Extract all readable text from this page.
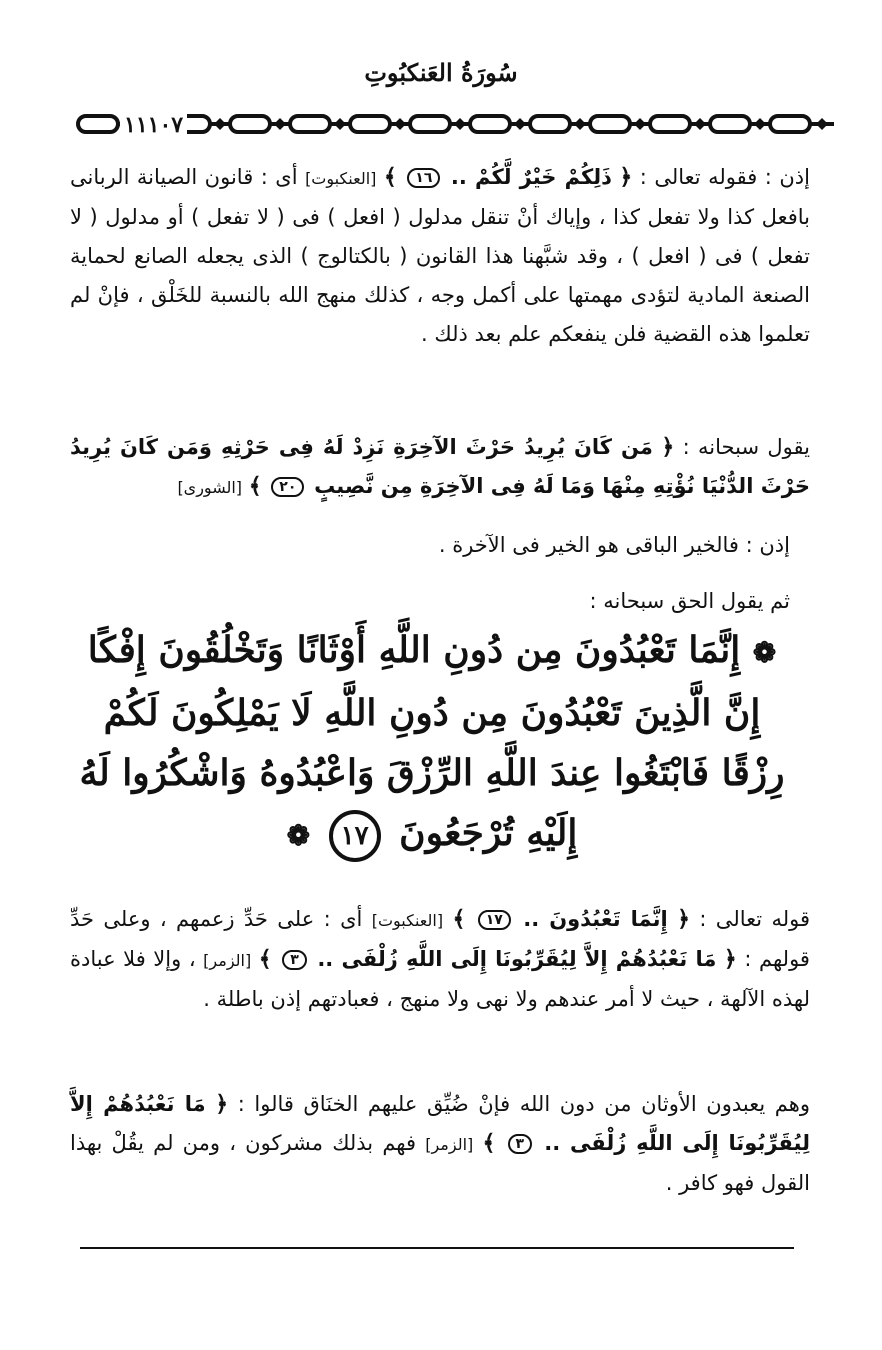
سُورَةُ العَنكبُوتِ
١١١٠٧
إذن : فقوله تعالى : ﴿ ذَلِكُمْ خَيْرٌ لَّكُمْ .. ١٦ ﴾ [العنكبوت] أى : قانون الصيانة الربانى بافعل كذا ولا تفعل كذا ، وإياك أنْ تنقل مدلول ( افعل ) فى ( لا تفعل ) أو مدلول ( لا تفعل ) فى ( افعل ) ، وقد شبَّهنا هذا القانون ( بالكتالوج ) الذى يجعله الصانع لحماية الصنعة المادية لتؤدى مهمتها على أكمل وجه ، كذلك منهج الله بالنسبة للخَلْق ، فإنْ لم تعلموا هذه القضية فلن ينفعكم علم بعد ذلك .
يقول سبحانه : ﴿ مَن كَانَ يُرِيدُ حَرْثَ الآخِرَةِ نَزِدْ لَهُ فِى حَرْثِهِ وَمَن كَانَ يُرِيدُ حَرْثَ الدُّنْيَا نُؤْتِهِ مِنْهَا وَمَا لَهُ فِى الآخِرَةِ مِن نَّصِيبٍ ٢٠ ﴾ [الشورى]
إذن : فالخير الباقى هو الخير فى الآخرة .
ثم يقول الحق سبحانه :
❁ إِنَّمَا تَعْبُدُونَ مِن دُونِ اللَّهِ أَوْثَانًا وَتَخْلُقُونَ إِفْكًا
إِنَّ الَّذِينَ تَعْبُدُونَ مِن دُونِ اللَّهِ لَا يَمْلِكُونَ لَكُمْ
رِزْقًا فَابْتَغُوا عِندَ اللَّهِ الرِّزْقَ وَاعْبُدُوهُ وَاشْكُرُوا لَهُ
إِلَيْهِ تُرْجَعُونَ ١٧ ❁
قوله تعالى : ﴿ إِنَّمَا تَعْبُدُونَ .. ١٧ ﴾ [العنكبوت] أى : على حَدِّ زعمهم ، وعلى حَدِّ قولهم : ﴿ مَا نَعْبُدُهُمْ إِلاَّ لِيُقَرِّبُونَا إِلَى اللَّهِ زُلْفَى .. ٣ ﴾ [الزمر] ، وإلا فلا عبادة لهذه الآلهة ، حيث لا أمر عندهم ولا نهى ولا منهج ، فعبادتهم إذن باطلة .
وهم يعبدون الأوثان من دون الله فإنْ ضُيِّق عليهم الخنَاق قالوا : ﴿ مَا نَعْبُدُهُمْ إِلاَّ لِيُقَرِّبُونَا إِلَى اللَّهِ زُلْفَى .. ٣ ﴾ [الزمر] فهم بذلك مشركون ، ومن لم يقُلْ بهذا القول فهو كافر .
